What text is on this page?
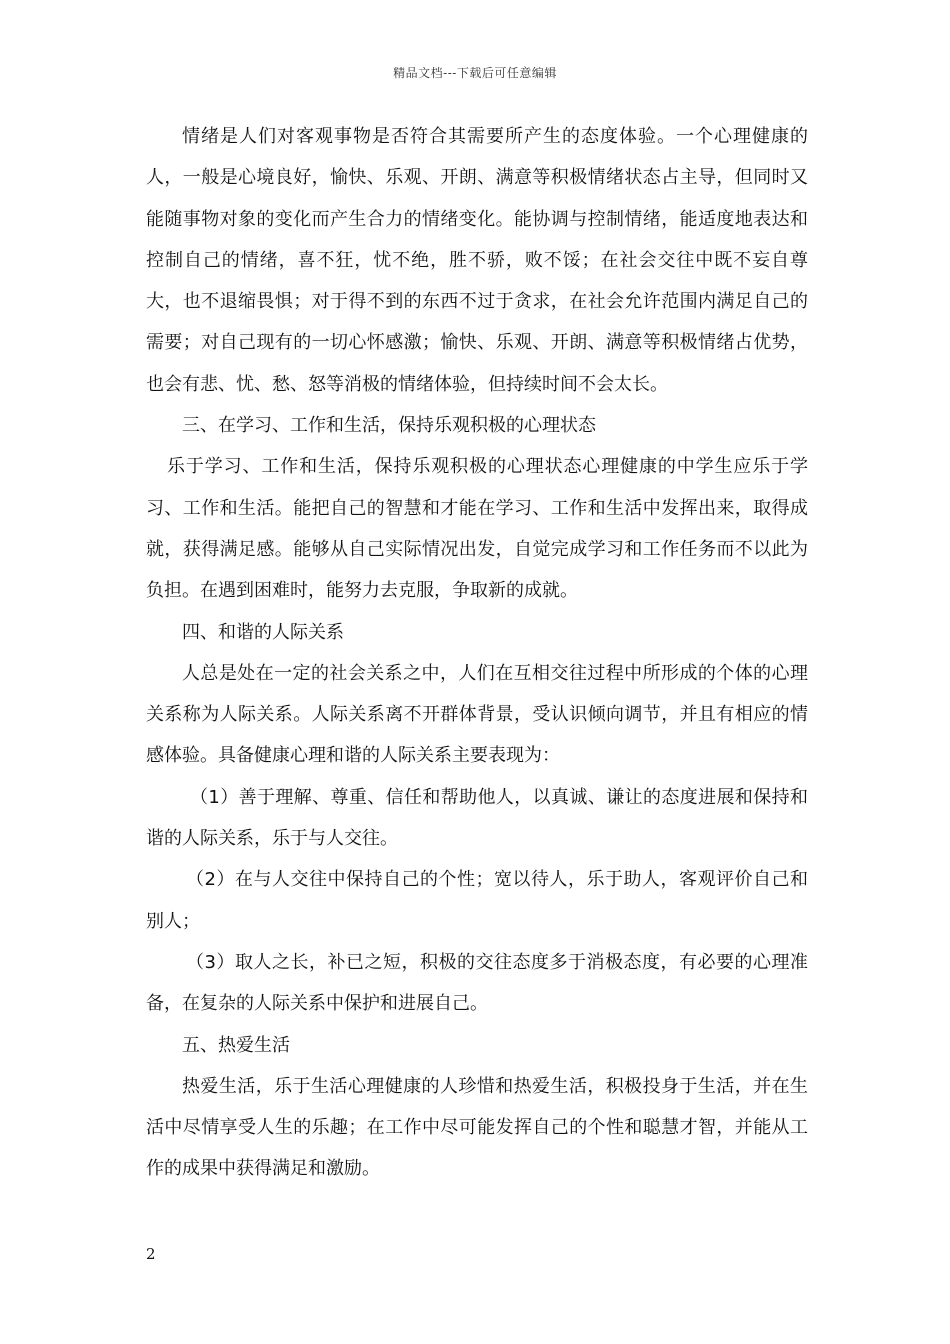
精品文档---下载后可任意编辑

情绪是人们对客观事物是否符合其需要所产生的态度体验。一个心理健康的人，一般是心境良好，愉快、乐观、开朗、满意等积极情绪状态占主导，但同时又能随事物对象的变化而产生合力的情绪变化。能协调与控制情绪，能适度地表达和控制自己的情绪，喜不狂，忧不绝，胜不骄，败不馁；在社会交往中既不妄自尊大，也不退缩畏惧；对于得不到的东西不过于贪求，在社会允许范围内满足自己的需要；对自己现有的一切心怀感激；愉快、乐观、开朗、满意等积极情绪占优势，也会有悲、忧、愁、怒等消极的情绪体验，但持续时间不会太长。

三、在学习、工作和生活，保持乐观积极的心理状态

乐于学习、工作和生活，保持乐观积极的心理状态心理健康的中学生应乐于学习、工作和生活。能把自己的智慧和才能在学习、工作和生活中发挥出来，取得成就，获得满足感。能够从自己实际情况出发，自觉完成学习和工作任务而不以此为负担。在遇到困难时，能努力去克服，争取新的成就。

四、和谐的人际关系

人总是处在一定的社会关系之中，人们在互相交往过程中所形成的个体的心理关系称为人际关系。人际关系离不开群体背景，受认识倾向调节，并且有相应的情感体验。具备健康心理和谐的人际关系主要表现为：

（1）善于理解、尊重、信任和帮助他人，以真诚、谦让的态度进展和保持和谐的人际关系，乐于与人交往。

（2）在与人交往中保持自己的个性；宽以待人，乐于助人，客观评价自己和别人；

（3）取人之长，补已之短，积极的交往态度多于消极态度，有必要的心理准备，在复杂的人际关系中保护和进展自己。

五、热爱生活

热爱生活，乐于生活心理健康的人珍惜和热爱生活，积极投身于生活，并在生活中尽情享受人生的乐趣；在工作中尽可能发挥自己的个性和聪慧才智，并能从工作的成果中获得满足和激励。

2
